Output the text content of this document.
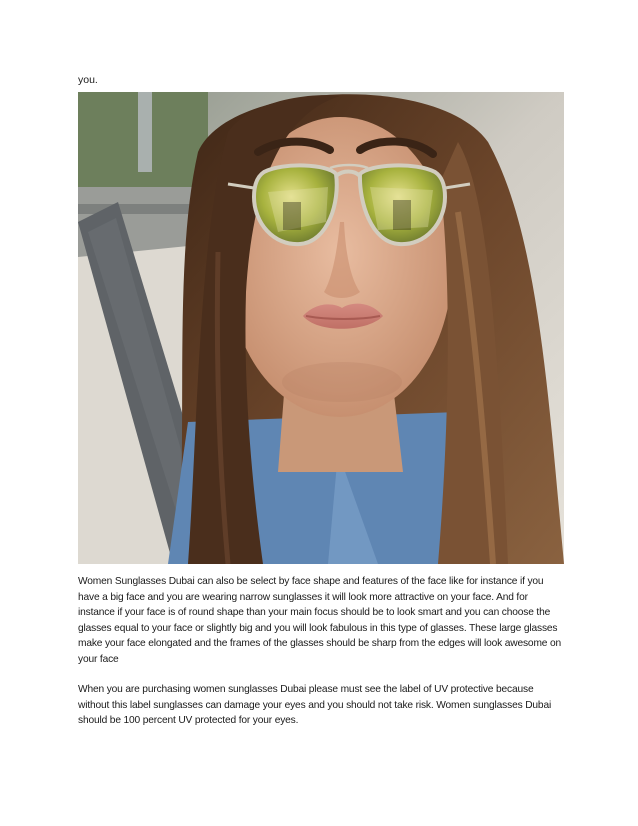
you.

Women Sunglasses Dubai can also be select by face shape and features of the face like for instance if you have a big face and you are wearing narrow sunglasses it will look more attractive on your face. And for instance if your face is of round shape than your main focus should be to look smart and you can choose the glasses equal to your face or slightly big and you will look fabulous in this type of glasses. These large glasses make your face elongated and the frames of the glasses should be sharp from the edges will look awesome on your face

When you are purchasing women sunglasses Dubai please must see the label of UV protective because without this label sunglasses can damage your eyes and you should not take risk. Women sunglasses Dubai should be 100 percent UV protected for your eyes.
